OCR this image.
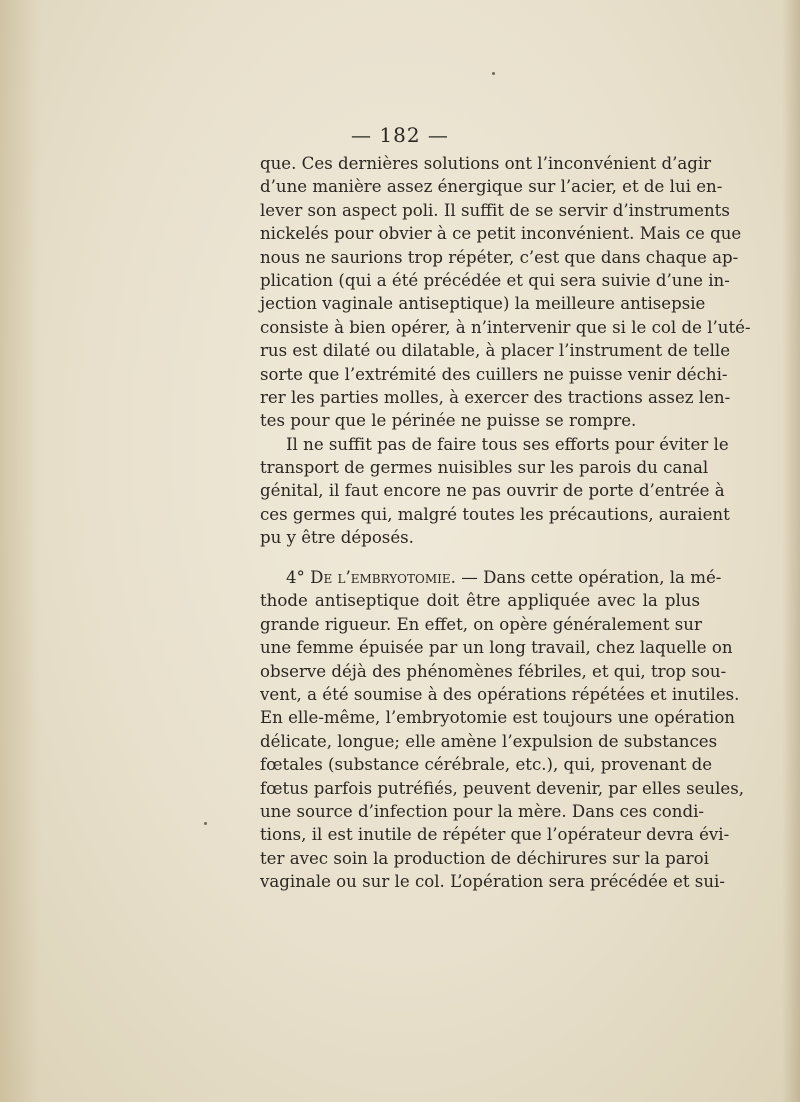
— 182 —
que. Ces dernières solutions ont l’inconvénient d’agir
d’une manière assez énergique sur l’acier, et de lui en-
lever son aspect poli. Il suffit de se servir d’instruments
nickelés pour obvier à ce petit inconvénient. Mais ce que
nous ne saurions trop répéter, c’est que dans chaque ap-
plication (qui a été précédée et qui sera suivie d’une in-
jection vaginale antiseptique) la meilleure antisepsie
consiste à bien opérer, à n’intervenir que si le col de l’uté-
rus est dilaté ou dilatable, à placer l’instrument de telle
sorte que l’extrémité des cuillers ne puisse venir déchi-
rer les parties molles, à exercer des tractions assez len-
tes pour que le périnée ne puisse se rompre.
Il ne suffit pas de faire tous ses efforts pour éviter le
transport de germes nuisibles sur les parois du canal
génital, il faut encore ne pas ouvrir de porte d’entrée à
ces germes qui, malgré toutes les précautions, auraient
pu y être déposés.
4° De l’embryotomie. — Dans cette opération, la mé-
thode antiseptique doit être appliquée avec la plus
grande rigueur. En effet, on opère généralement sur
une femme épuisée par un long travail, chez laquelle on
observe déjà des phénomènes fébriles, et qui, trop sou-
vent, a été soumise à des opérations répétées et inutiles.
En elle-même, l’embryotomie est toujours une opération
délicate, longue; elle amène l’expulsion de substances
fœtales (substance cérébrale, etc.), qui, provenant de
fœtus parfois putréfiés, peuvent devenir, par elles seules,
une source d’infection pour la mère. Dans ces condi-
tions, il est inutile de répéter que l’opérateur devra évi-
ter avec soin la production de déchirures sur la paroi
vaginale ou sur le col. L’opération sera précédée et sui-
